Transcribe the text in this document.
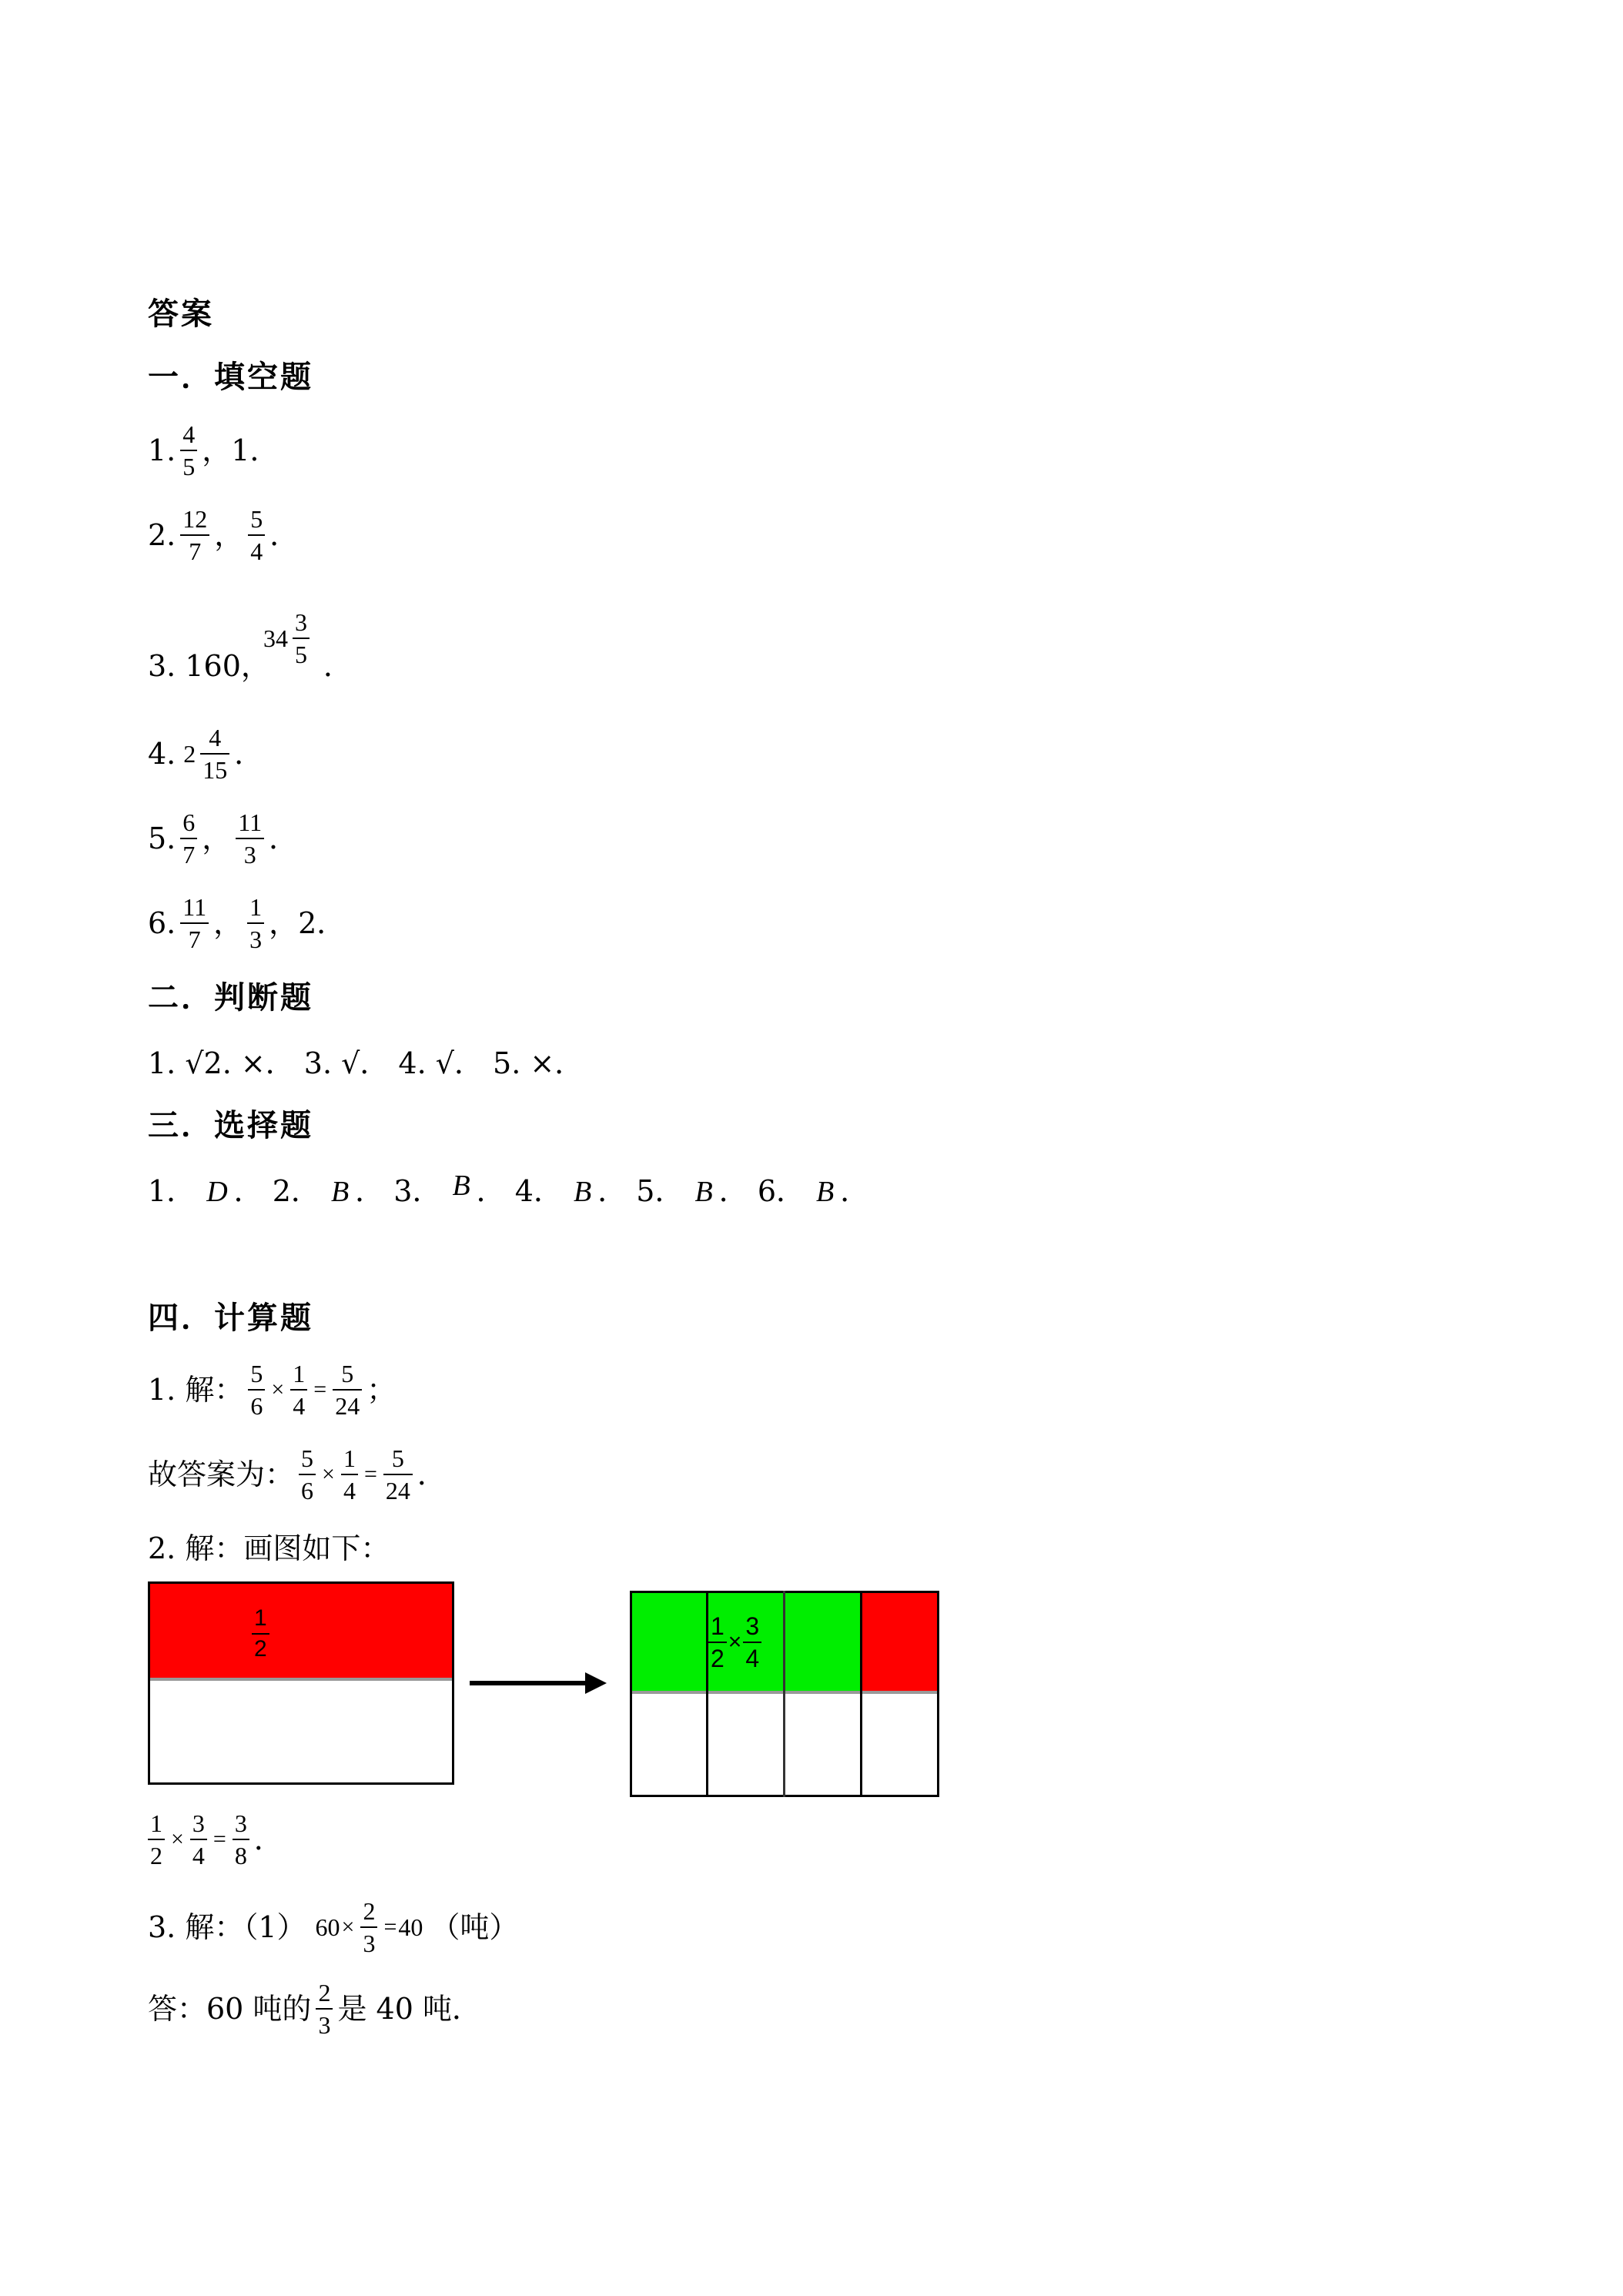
答案
一．填空题
1. $\frac{4}{5}$ ，1．
2. $\frac{12}{7}$ ， $\frac{5}{4}$ ．
3. 160，
$34 \frac{3}{5}$ ．
4. $2 \frac{4}{15}$ ．
5. $\frac{6}{7}$ ， $\frac{11}{3}$ ．
6. $\frac{11}{7}$ ， $\frac{1}{3}$ ，2．
二．判断题
1. √2. ×． 3. √． 4. √． 5. ×．
三．选择题
1． D ． 2． B ． 3． B ． 4． B ． 5． B ． 6． B ．
四．计算题
1. 解： $\frac{5}{6} \times \frac{1}{4} = \frac{5}{24}$ ；
故答案为： $\frac{5}{6} \times \frac{1}{4} = \frac{5}{24}$ ．
2. 解：画图如下：
1
2	$\frac{1}{2} \times \frac{3}{4}$
$\frac{1}{2} \times \frac{3}{4} = \frac{3}{8}$ ．
3. 解：（1） $60 \times \frac{2}{3} = 40$ （吨）
答：60 吨的 $\frac{2}{3}$ 是 40 吨．
